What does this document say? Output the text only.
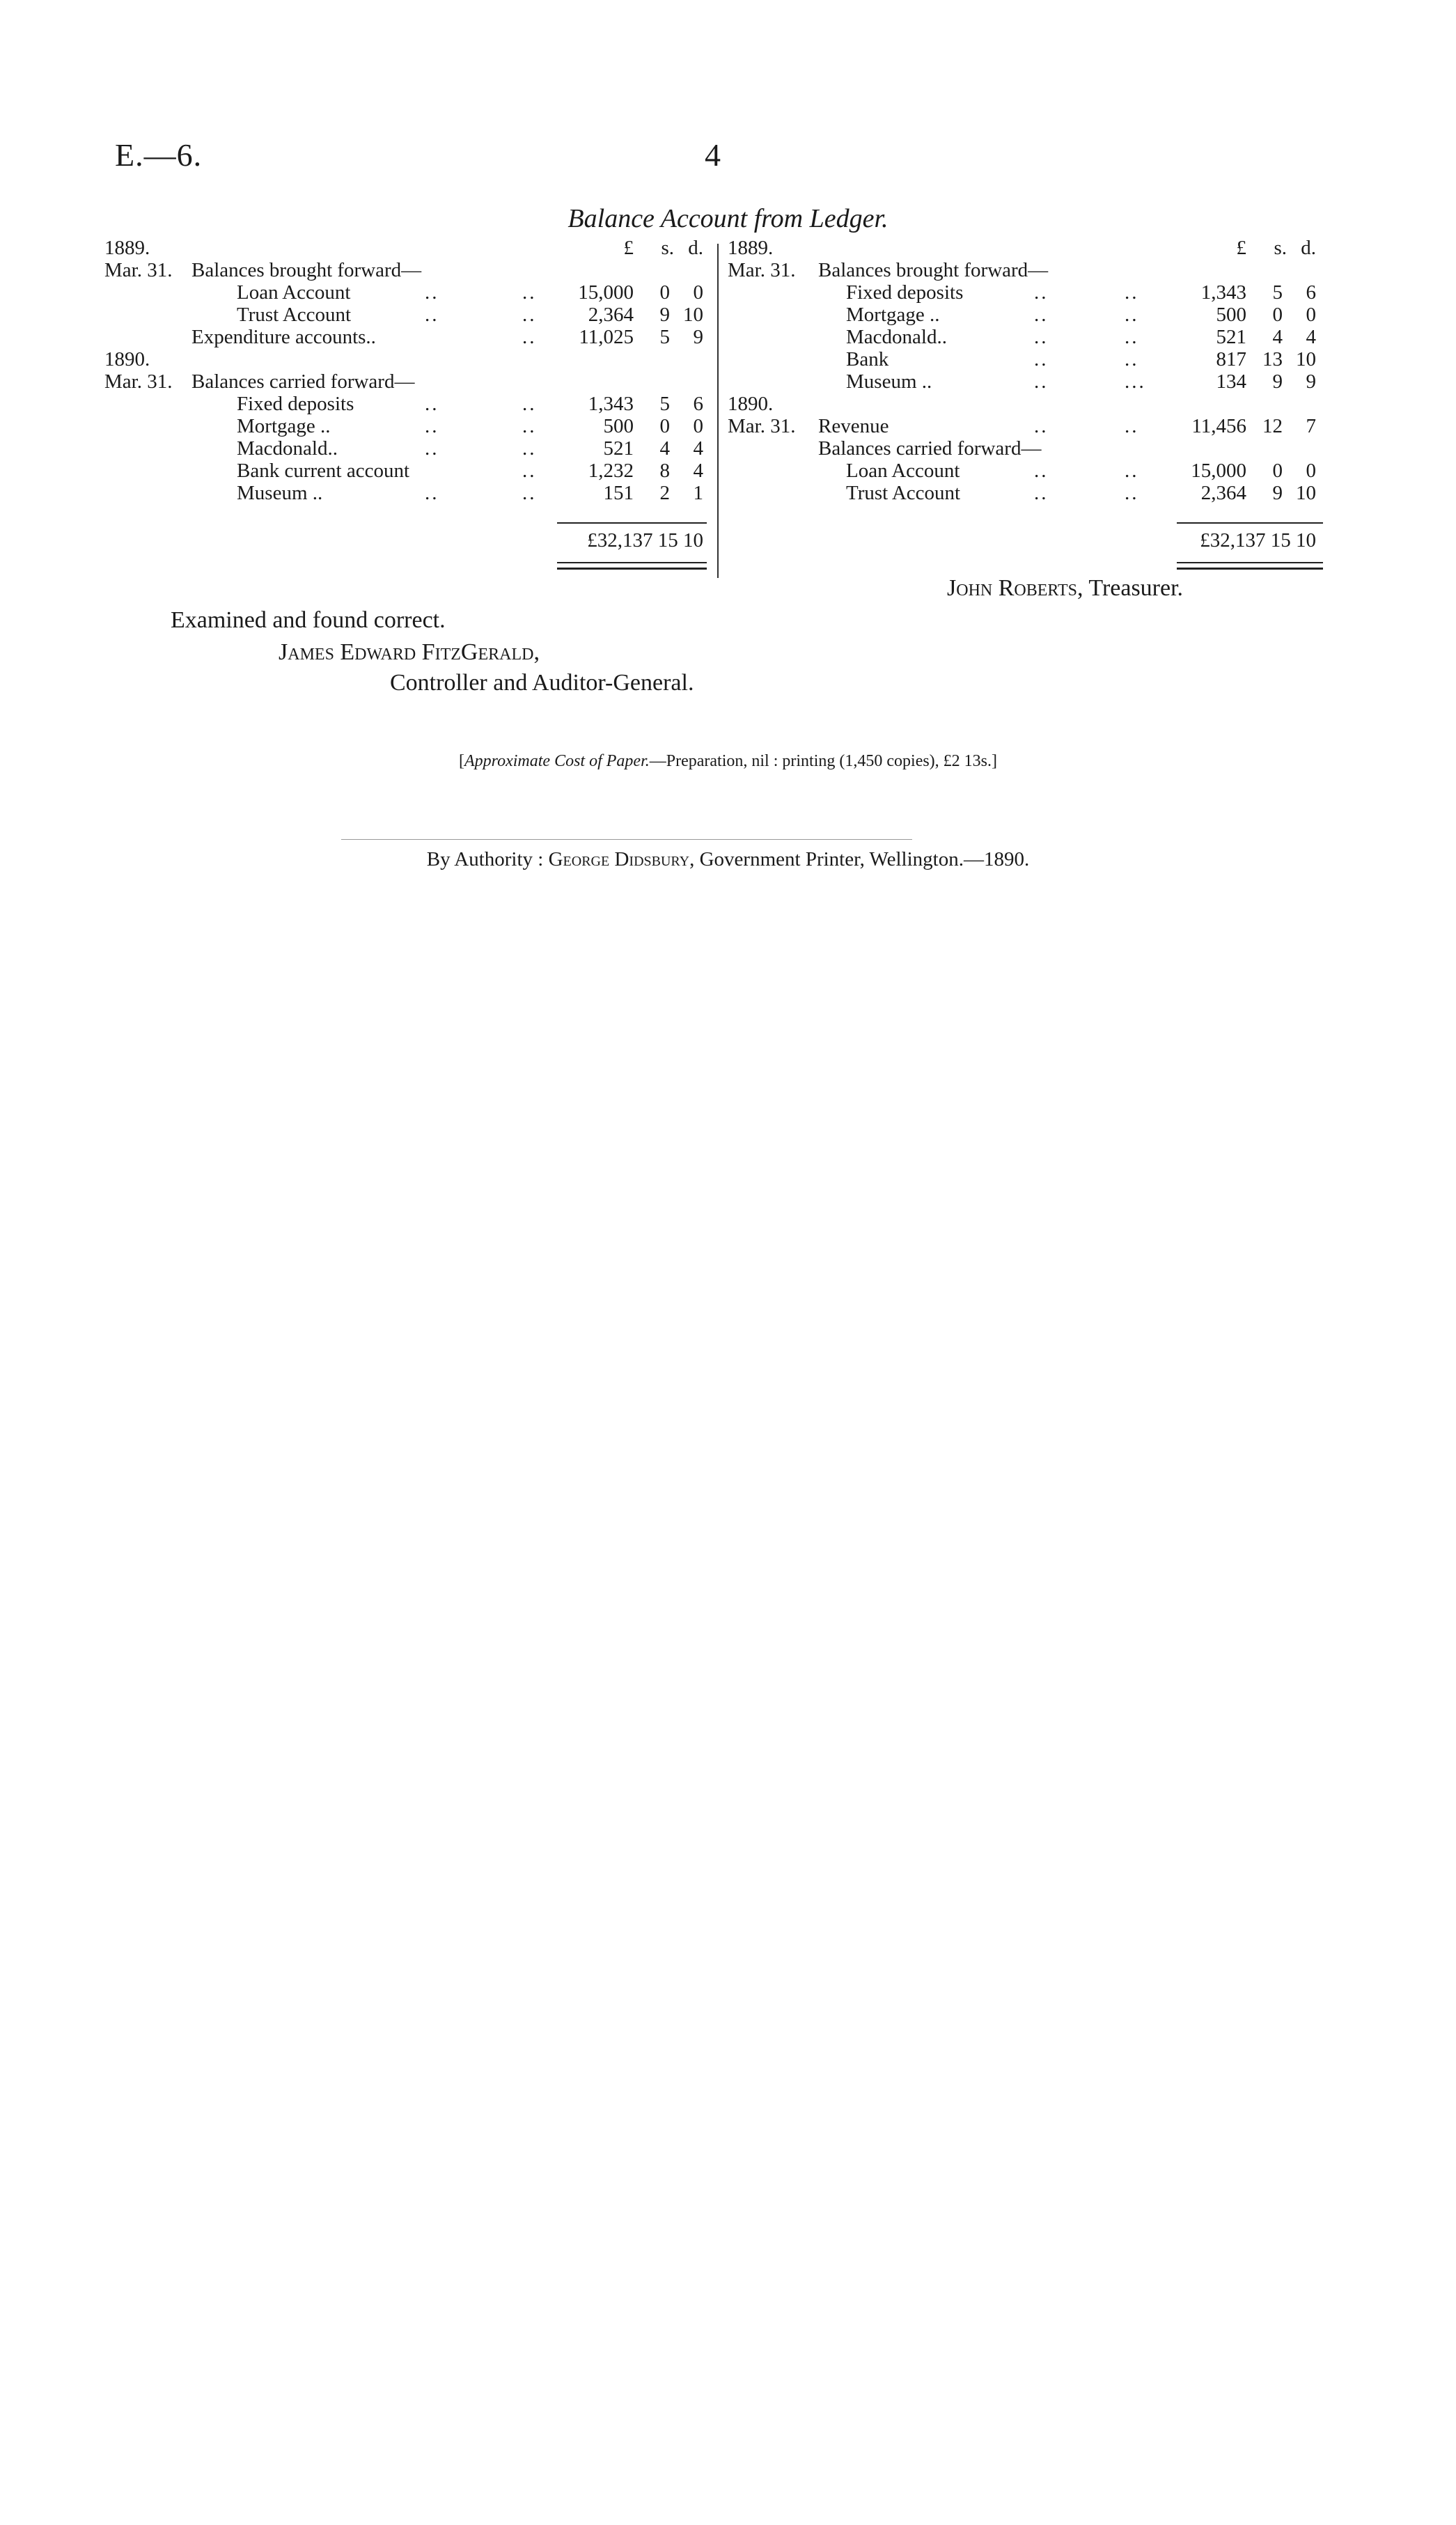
E.—6.	4
Balance Account from Ledger.
1889.	£	s. d.
Mar. 31. Balances brought forward—
Loan Account	..	..	15,000	0	0
Trust Account	..	..	2,364	9 10
Expenditure accounts..	..	11,025	5	9
1890.
Mar. 31. Balances carried forward—
Fixed deposits	..	..	1,343	5	6
Mortgage ..	..	..	500	0	0
Macdonald..	..	..	521	4	4
Bank current account	..	1,232	8	4
Museum ..	..	..	151	2	1
£32,137 15 10
1889.	£	s. d.
Mar. 31. Balances brought forward—
Fixed deposits	..	..	1,343	5	6
Mortgage ..	..	..	500	0	0
Macdonald..	..	..	521	4	4
Bank	..	..	817 13 10
Museum ..	..	...	134	9	9
1890.
Mar. 31. Revenue	..	..	11,456 12	7
Balances carried forward—
Loan Account	..	..	15,000	0	0
Trust Account	..	..	2,364	9 10
£32,137 15 10
John Roberts, Treasurer.
Examined and found correct.
James Edward FitzGerald,
Controller and Auditor-General.
[Approximate Cost of Paper.—Preparation, nil : printing (1,450 copies), £2 13s.]
By Authority : George Didsbury, Government Printer, Wellington.—1890.
